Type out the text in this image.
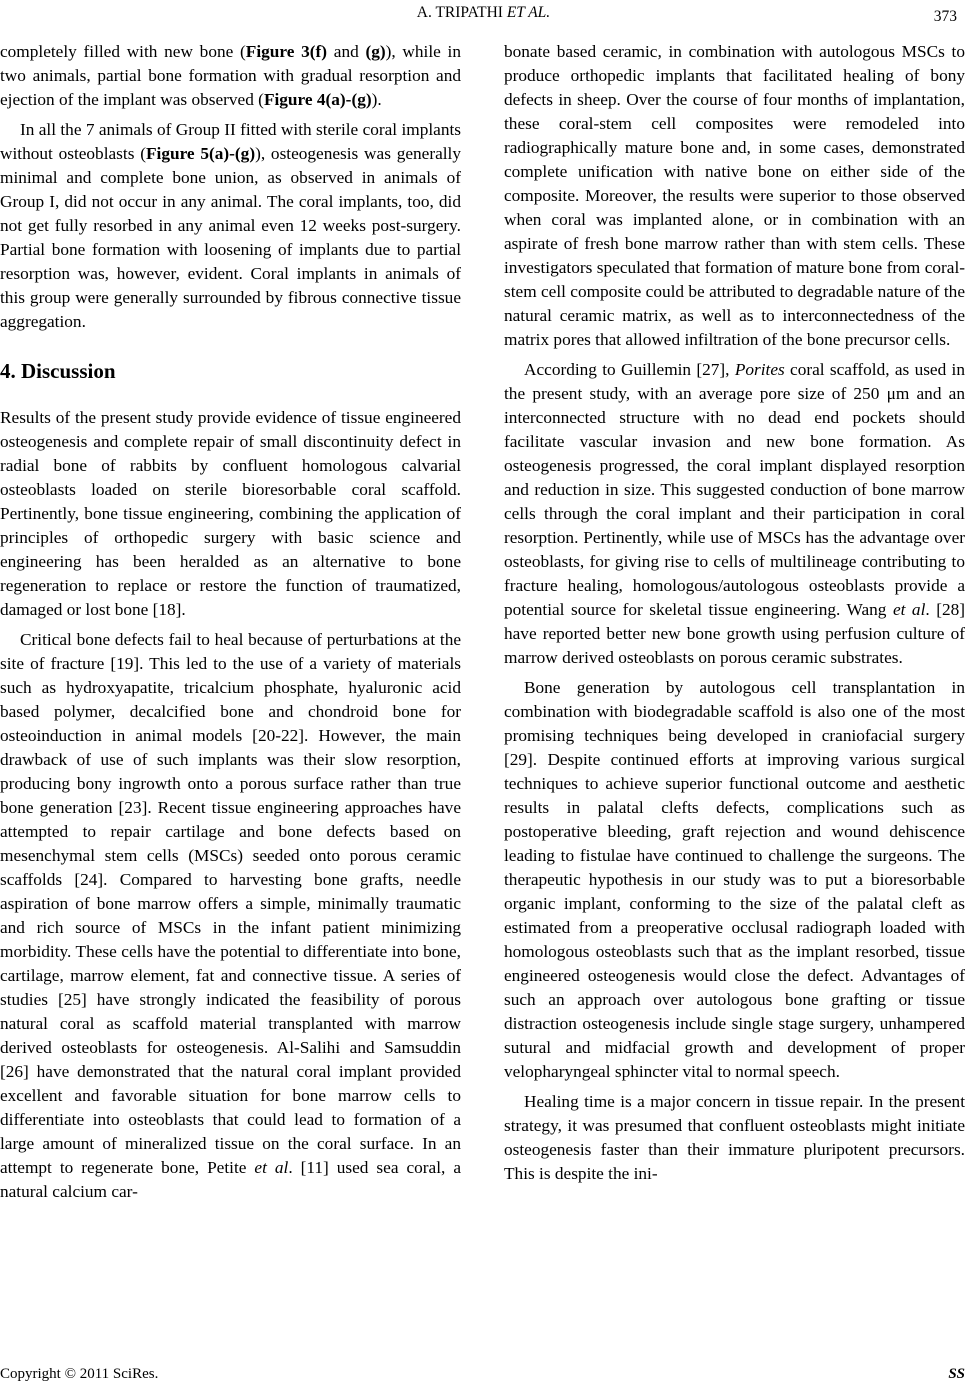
A. TRIPATHI ET AL.	373

completely filled with new bone (Figure 3(f) and (g)), while in two animals, partial bone formation with gradual resorption and ejection of the implant was observed (Figure 4(a)-(g)).

In all the 7 animals of Group II fitted with sterile coral implants without osteoblasts (Figure 5(a)-(g)), osteogenesis was generally minimal and complete bone union, as observed in animals of Group I, did not occur in any animal. The coral implants, too, did not get fully resorbed in any animal even 12 weeks post-surgery. Partial bone formation with loosening of implants due to partial resorption was, however, evident. Coral implants in animals of this group were generally surrounded by fibrous connective tissue aggregation.

4. Discussion

Results of the present study provide evidence of tissue engineered osteogenesis and complete repair of small discontinuity defect in radial bone of rabbits by confluent homologous calvarial osteoblasts loaded on sterile bioresorbable coral scaffold. Pertinently, bone tissue engineering, combining the application of principles of orthopedic surgery with basic science and engineering has been heralded as an alternative to bone regeneration to replace or restore the function of traumatized, damaged or lost bone [18].

Critical bone defects fail to heal because of perturbations at the site of fracture [19]. This led to the use of a variety of materials such as hydroxyapatite, tricalcium phosphate, hyaluronic acid based polymer, decalcified bone and chondroid bone for osteoinduction in animal models [20-22]. However, the main drawback of use of such implants was their slow resorption, producing bony ingrowth onto a porous surface rather than true bone generation [23]. Recent tissue engineering approaches have attempted to repair cartilage and bone defects based on mesenchymal stem cells (MSCs) seeded onto porous ceramic scaffolds [24]. Compared to harvesting bone grafts, needle aspiration of bone marrow offers a simple, minimally traumatic and rich source of MSCs in the infant patient minimizing morbidity. These cells have the potential to differentiate into bone, cartilage, marrow element, fat and connective tissue. A series of studies [25] have strongly indicated the feasibility of porous natural coral as scaffold material transplanted with marrow derived osteoblasts for osteogenesis. Al-Salihi and Samsuddin [26] have demonstrated that the natural coral implant provided excellent and favorable situation for bone marrow cells to differentiate into osteoblasts that could lead to formation of a large amount of mineralized tissue on the coral surface. In an attempt to regenerate bone, Petite et al. [11] used sea coral, a natural calcium car-

bonate based ceramic, in combination with autologous MSCs to produce orthopedic implants that facilitated healing of bony defects in sheep. Over the course of four months of implantation, these coral-stem cell composites were remodeled into radiographically mature bone and, in some cases, demonstrated complete unification with native bone on either side of the composite. Moreover, the results were superior to those observed when coral was implanted alone, or in combination with an aspirate of fresh bone marrow rather than with stem cells. These investigators speculated that formation of mature bone from coral-stem cell composite could be attributed to degradable nature of the natural ceramic matrix, as well as to interconnectedness of the matrix pores that allowed infiltration of the bone precursor cells.

According to Guillemin [27], Porites coral scaffold, as used in the present study, with an average pore size of 250 μm and an interconnected structure with no dead end pockets should facilitate vascular invasion and new bone formation. As osteogenesis progressed, the coral implant displayed resorption and reduction in size. This suggested conduction of bone marrow cells through the coral implant and their participation in coral resorption. Pertinently, while use of MSCs has the advantage over osteoblasts, for giving rise to cells of multilineage contributing to fracture healing, homologous/autologous osteoblasts provide a potential source for skeletal tissue engineering. Wang et al. [28] have reported better new bone growth using perfusion culture of marrow derived osteoblasts on porous ceramic substrates.

Bone generation by autologous cell transplantation in combination with biodegradable scaffold is also one of the most promising techniques being developed in craniofacial surgery [29]. Despite continued efforts at improving various surgical techniques to achieve superior functional outcome and aesthetic results in palatal clefts defects, complications such as postoperative bleeding, graft rejection and wound dehiscence leading to fistulae have continued to challenge the surgeons. The therapeutic hypothesis in our study was to put a bioresorbable organic implant, conforming to the size of the palatal cleft as estimated from a preoperative occlusal radiograph loaded with homologous osteoblasts such that as the implant resorbed, tissue engineered osteogenesis would close the defect. Advantages of such an approach over autologous bone grafting or tissue distraction osteogenesis include single stage surgery, unhampered sutural and midfacial growth and development of proper velopharyngeal sphincter vital to normal speech.

Healing time is a major concern in tissue repair. In the present strategy, it was presumed that confluent osteoblasts might initiate osteogenesis faster than their immature pluripotent precursors. This is despite the ini-

Copyright © 2011 SciRes.	SS
